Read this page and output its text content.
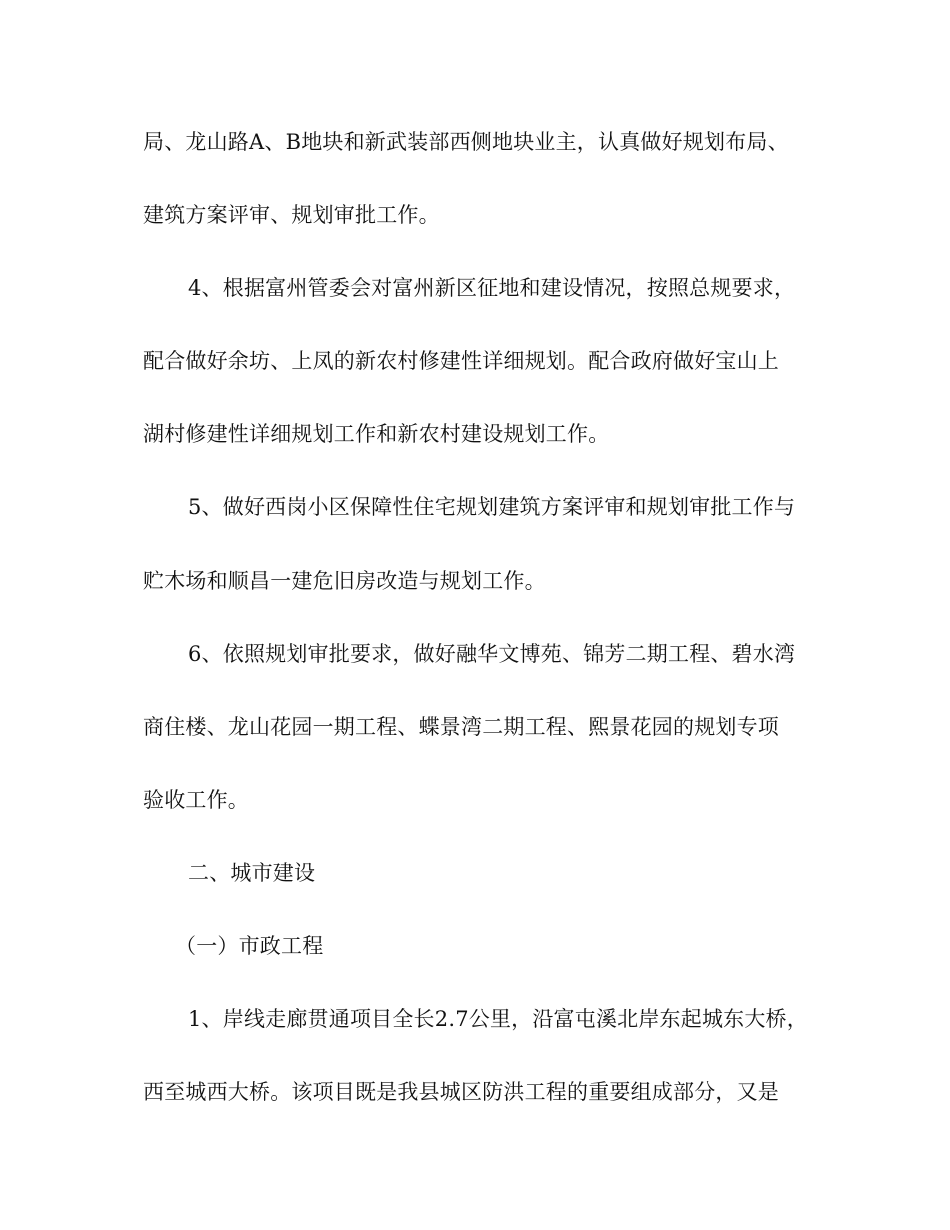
局、龙山路A、B地块和新武装部西侧地块业主，认真做好规划布局、
建筑方案评审、规划审批工作。
4、根据富州管委会对富州新区征地和建设情况，按照总规要求，
配合做好余坊、上凤的新农村修建性详细规划。配合政府做好宝山上
湖村修建性详细规划工作和新农村建设规划工作。
5、做好西岗小区保障性住宅规划建筑方案评审和规划审批工作与
贮木场和顺昌一建危旧房改造与规划工作。
6、依照规划审批要求，做好融华文博苑、锦芳二期工程、碧水湾
商住楼、龙山花园一期工程、蝶景湾二期工程、熙景花园的规划专项
验收工作。
二、城市建设
（一）市政工程
1、岸线走廊贯通项目全长2.7公里，沿富屯溪北岸东起城东大桥，
西至城西大桥。该项目既是我县城区防洪工程的重要组成部分，又是
